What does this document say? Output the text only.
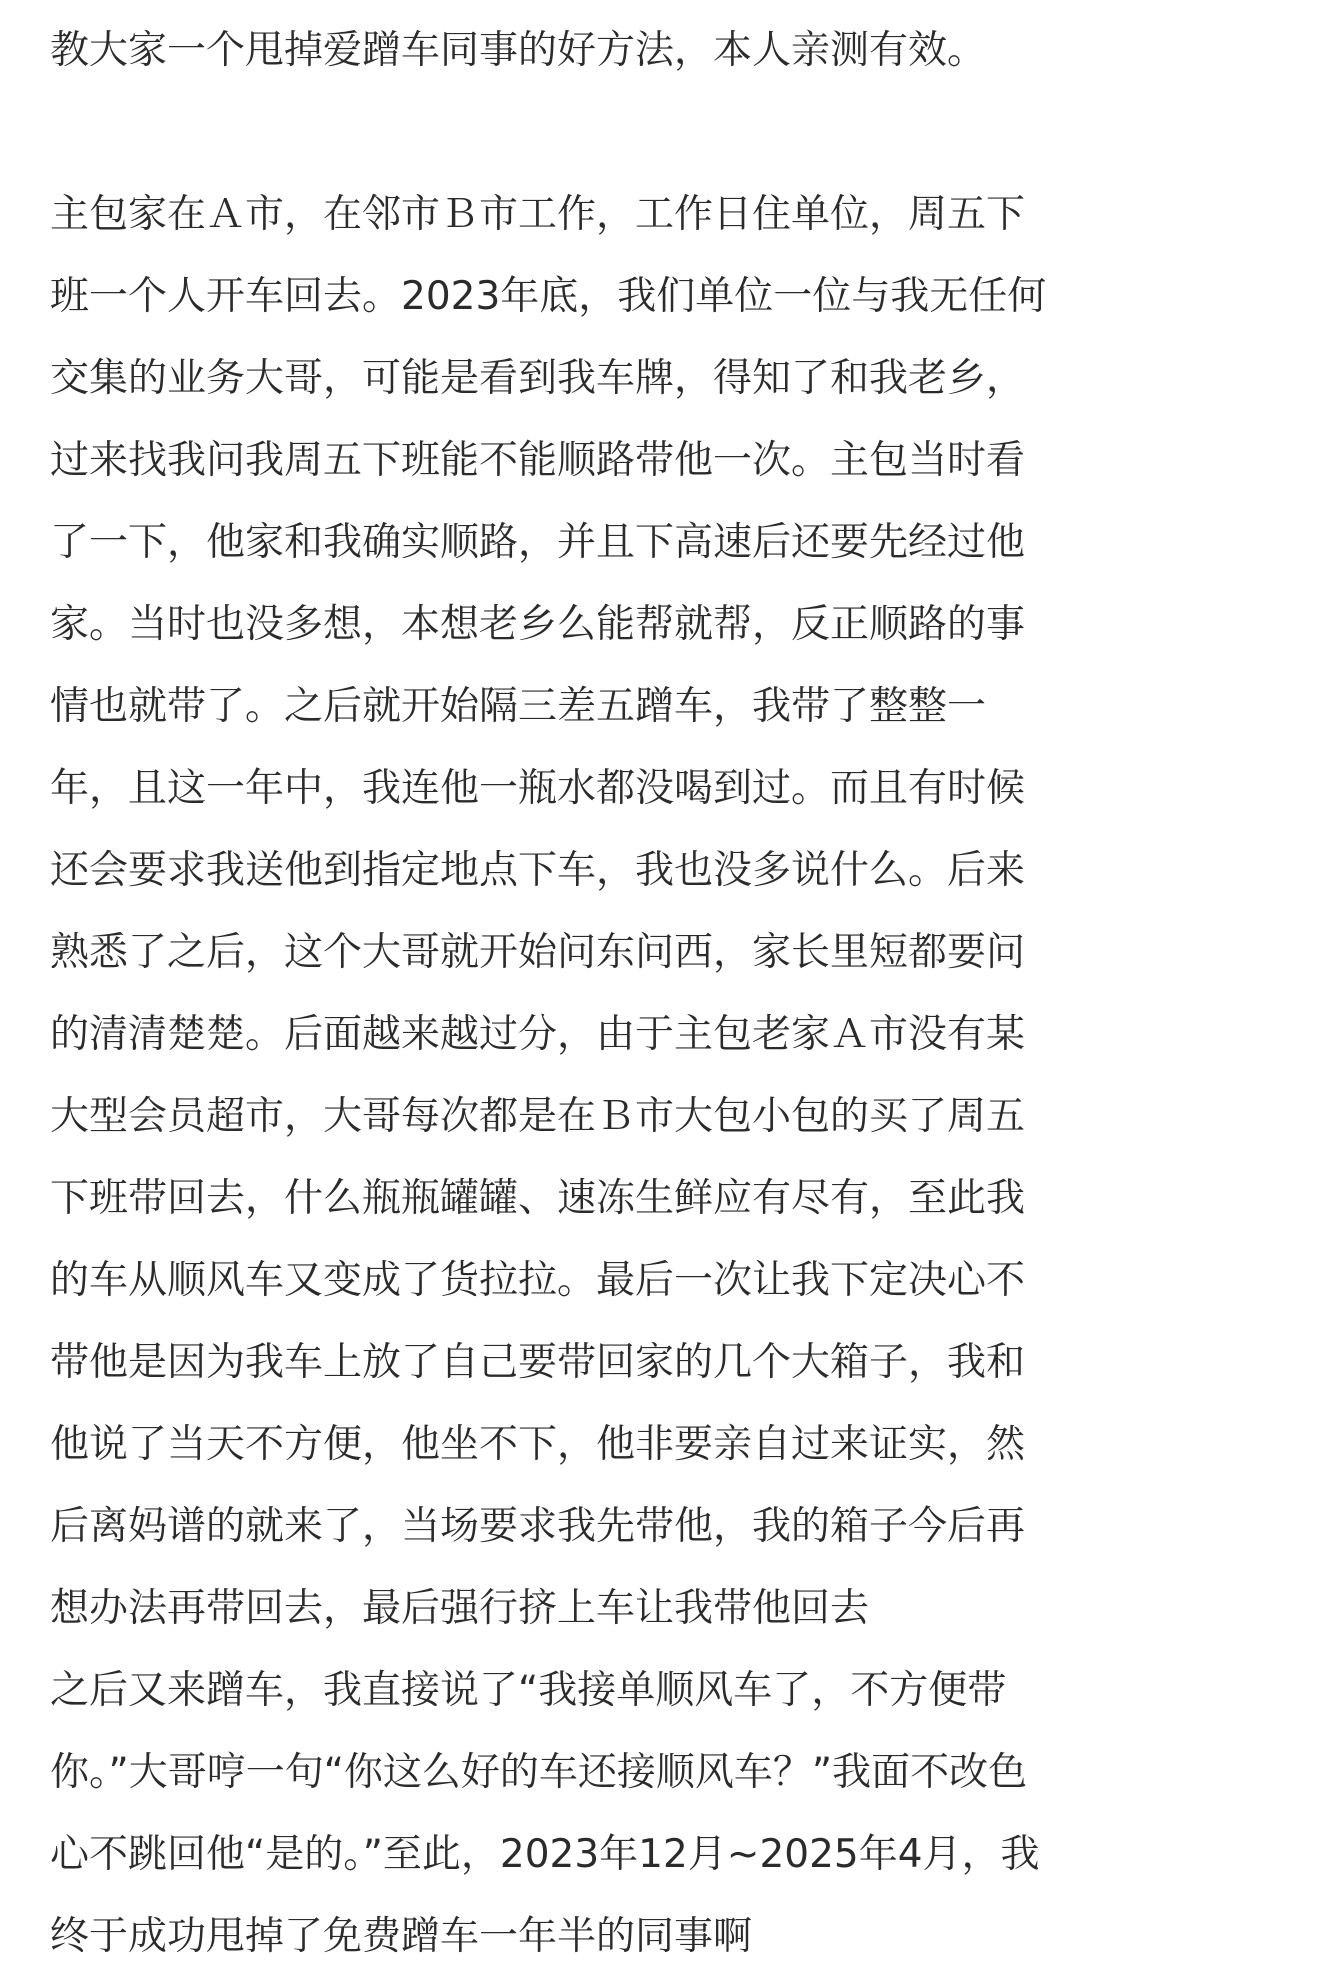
教大家一个甩掉爱蹭车同事的好方法，本人亲测有效。
主包家在Ａ市，在邻市Ｂ市工作，工作日住单位，周五下
班一个人开车回去。2023年底，我们单位一位与我无任何
交集的业务大哥，可能是看到我车牌，得知了和我老乡，
过来找我问我周五下班能不能顺路带他一次。主包当时看
了一下，他家和我确实顺路，并且下高速后还要先经过他
家。当时也没多想，本想老乡么能帮就帮，反正顺路的事
情也就带了。之后就开始隔三差五蹭车，我带了整整一
年，且这一年中，我连他一瓶水都没喝到过。而且有时候
还会要求我送他到指定地点下车，我也没多说什么。后来
熟悉了之后，这个大哥就开始问东问西，家长里短都要问
的清清楚楚。后面越来越过分，由于主包老家Ａ市没有某
大型会员超市，大哥每次都是在Ｂ市大包小包的买了周五
下班带回去，什么瓶瓶罐罐、速冻生鲜应有尽有，至此我
的车从顺风车又变成了货拉拉。最后一次让我下定决心不
带他是因为我车上放了自己要带回家的几个大箱子，我和
他说了当天不方便，他坐不下，他非要亲自过来证实，然
后离妈谱的就来了，当场要求我先带他，我的箱子今后再
想办法再带回去，最后强行挤上车让我带他回去
之后又来蹭车，我直接说了“我接单顺风车了，不方便带
你。”大哥哼一句“你这么好的车还接顺风车？”我面不改色
心不跳回他“是的。”至此，2023年12月~2025年4月，我
终于成功甩掉了免费蹭车一年半的同事啊
